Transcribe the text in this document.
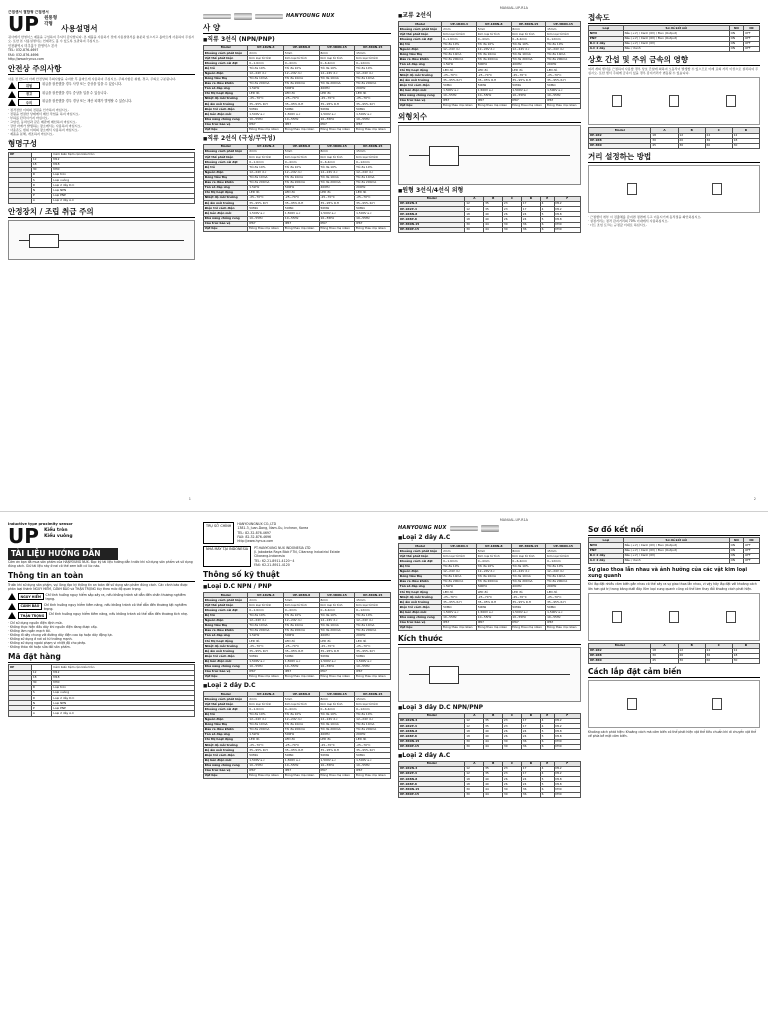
MANUAL-UP-R1A
근접센서 결합형 근접센서
UP 원통형
각형 사용설명서
귀사에서 한영넉스 제품을 구입하여 주셔서 감사합니다. 본 제품을 사용하기 전에 사용설명서를 충분히 읽으시고 올바르게 사용하여 주십시오. 또한 본 사용설명서는 언제라도 볼 수 있도록 보관하여 주십시오.
인천광역시 미추홀구 한영넉스 본사
TEL: 032-876-4697
FAX: 032-876-4696
http://www.hynux.com
안전상 주의사항
사용 전 반드시 아래 안전상의 주의사항을 숙지한 후 올바르게 사용하여 주십시오. 주의사항은 위험, 경고, 주의로 구분됩니다.
위험	취급을 잘못했을 경우 사망 또는 중상을 입을 수 있습니다.
경고	취급을 잘못했을 경우 중상을 입을 수 있습니다.
주의	취급을 잘못했을 경우 경상 또는 재산 피해가 발생할 수 있습니다.
· 정격전압 이외의 전원을 인가하지 마십시오.
· 전원을 연결한 상태에서 배선 작업을 하지 마십시오.
· 부하를 단락시키지 마십시오.
· 고압선, 동력선과 같은 배관에 배선하지 마십시오.
· 강한 자계가 발생하는 장소에서는 사용하지 마십시오.
· 사용온도 범위 이외의 장소에서 사용하지 마십시오.
· 제품을 분해, 개조하지 마십시오.
형명구성
UP		Cảm biến tiệm cận kiểu tròn
	12	M12
	18	M18
	30	M30
	R	Loại tròn
	S	Loại vuông
	D	Loại 2 dây D.C
	N	Loại NPN
	P	Loại PNP
	A	Loại 2 dây A.C
안정장치 / 조립 취급 주의
1
HANYOUNG NUX
사 양
■ 직류 3선식 (NPN/PNP)
Model	UP-1R2N-4	UP-1R8N-8	UP-3R0N-15	UP-3R0N-15
Khoảng cách phát hiện	2mm	5mm	8mm	15mm
Vật thể phát hiện	Kim loại từ tính	Kim loại từ tính	Kim loại từ tính	Kim loại từ tính
Khoảng cách cài đặt	0~1.6mm	0~4mm	0~6.4mm	0~12mm
Độ trễ	Tối đa 10%	Tối đa 10%	Tối đa 10%	Tối đa 10%
Nguồn điện	12~24V d.c	12~24V d.c	12~24V d.c	12~24V d.c
Dòng tiêu thụ	Tối đa 10mA	Tối đa 10mA	Tối đa 10mA	Tối đa 10mA
Đầu ra điều khiển	Tối đa 200mA	Tối đa 200mA	Tối đa 200mA	Tối đa 200mA
Tần số đáp ứng	1.5kHz	500Hz	400Hz	200Hz
Chỉ thị hoạt động	LED đỏ	LED đỏ	LED đỏ	LED đỏ
Nhiệt độ môi trường	-25~70°C	-25~70°C	-25~70°C	-25~70°C
Độ ẩm môi trường	35~95% R.H	35~95% R.H	35~95% R.H	35~95% R.H
Điện trở cách điện	50MΩ	50MΩ	50MΩ	50MΩ
Độ bền điện môi	1,500V a.c	1,500V a.c	1,500V a.c	1,500V a.c
Khả năng chống rung	10~55Hz	10~55Hz	10~55Hz	10~55Hz
Cấu trúc bảo vệ	IP67	IP67	IP67	IP67
Vật liệu	Đồng thau mạ niken	Đồng thau mạ niken	Đồng thau mạ niken	Đồng thau mạ niken
■ 직류 2선식 (극성/무극성)
Model	UP-1R2N-4	UP-1R8N-8	UP-3R0N-15	UP-3R0N-15
Khoảng cách phát hiện	2mm	5mm	8mm	15mm
Vật thể phát hiện	Kim loại từ tính	Kim loại từ tính	Kim loại từ tính	Kim loại từ tính
Khoảng cách cài đặt	0~1.6mm	0~4mm	0~6.4mm	0~12mm
Độ trễ	Tối đa 10%	Tối đa 10%	Tối đa 10%	Tối đa 10%
Nguồn điện	12~24V d.c	12~24V d.c	12~24V d.c	12~24V d.c
Dòng tiêu thụ	Tối đa 10mA	Tối đa 10mA	Tối đa 10mA	Tối đa 10mA
Đầu ra điều khiển	Tối đa 200mA	Tối đa 200mA	Tối đa 200mA	Tối đa 200mA
Tần số đáp ứng	1.5kHz	500Hz	400Hz	200Hz
Chỉ thị hoạt động	LED đỏ	LED đỏ	LED đỏ	LED đỏ
Nhiệt độ môi trường	-25~70°C	-25~70°C	-25~70°C	-25~70°C
Độ ẩm môi trường	35~95% R.H	35~95% R.H	35~95% R.H	35~95% R.H
Điện trở cách điện	50MΩ	50MΩ	50MΩ	50MΩ
Độ bền điện môi	1,500V a.c	1,500V a.c	1,500V a.c	1,500V a.c
Khả năng chống rung	10~55Hz	10~55Hz	10~55Hz	10~55Hz
Cấu trúc bảo vệ	IP67	IP67	IP67	IP67
Vật liệu	Đồng thau mạ niken	Đồng thau mạ niken	Đồng thau mạ niken	Đồng thau mạ niken
■ 교류 2선식
Model	UP-1R2N-4	UP-1R8N-8	UP-3R0N-15	UP-3R0N-15
Khoảng cách phát hiện	2mm	5mm	8mm	15mm
Vật thể phát hiện	Kim loại từ tính	Kim loại từ tính	Kim loại từ tính	Kim loại từ tính
Khoảng cách cài đặt	0~1.6mm	0~4mm	0~6.4mm	0~12mm
Độ trễ	Tối đa 10%	Tối đa 10%	Tối đa 10%	Tối đa 10%
Nguồn điện	12~24V d.c	12~24V d.c	12~24V d.c	12~24V d.c
Dòng tiêu thụ	Tối đa 10mA	Tối đa 10mA	Tối đa 10mA	Tối đa 10mA
Đầu ra điều khiển	Tối đa 200mA	Tối đa 200mA	Tối đa 200mA	Tối đa 200mA
Tần số đáp ứng	1.5kHz	500Hz	400Hz	200Hz
Chỉ thị hoạt động	LED đỏ	LED đỏ	LED đỏ	LED đỏ
Nhiệt độ môi trường	-25~70°C	-25~70°C	-25~70°C	-25~70°C
Độ ẩm môi trường	35~95% R.H	35~95% R.H	35~95% R.H	35~95% R.H
Điện trở cách điện	50MΩ	50MΩ	50MΩ	50MΩ
Độ bền điện môi	1,500V a.c	1,500V a.c	1,500V a.c	1,500V a.c
Khả năng chống rung	10~55Hz	10~55Hz	10~55Hz	10~55Hz
Cấu trúc bảo vệ	IP67	IP67	IP67	IP67
Vật liệu	Đồng thau mạ niken	Đồng thau mạ niken	Đồng thau mạ niken	Đồng thau mạ niken
외형치수
■ 원형 3선식/4선식 외형
Model	A	B	C	D	E	F
UP-1R2N-4	12	35	23	17	4	M12
UP-1R2P-4	12	35	23	17	4	M12
UP-1R8N-8	18	40	26	24	5	M18
UP-1R8P-8	18	40	26	24	5	M18
UP-3R0N-15	30	44	30	36	6	M30
UP-3R0P-15	30	44	30	36	6	M30
접속도
Loại	Sơ đồ kết nối	NO	NC
NPN	Nâu (+V) / Xanh (0V) / Đen (Output)	ON	OFF
PNP	Nâu (+V) / Xanh (0V) / Đen (Output)	ON	OFF
D.C 2 dây	Nâu (+V) / Xanh (0V)	ON	OFF
A.C 2 dây	Nâu / Xanh	ON	OFF
상호 간섭 및 주위 금속의 영향
여러 개의 센서를 근접하여 사용할 경우 상호 간섭에 의하여 오동작이 발생할 수 있으므로 아래 표의 거리 이상으로 설치하여 주십시오. 또한 센서 주위에 금속이 있을 경우 감지거리가 변동될 수 있습니다.
Model	A	B	C	D
UP-1R2	18	12	24	12
UP-1R8	30	20	36	18
UP-3R0	45	30	60	30
거리 설정하는 방법
· 근접센서 취부 시 검출체를 감지면 정면에 두고 이동시키며 동작점을 확인하십시오.
· 설정거리는 정격 감지거리의 70% 이내에서 사용하십시오.
· 너트 조임 토크는 규정값 이내로 하십시오.
2
MANUAL-UP-R1A
Inductive type proximity sensor
UP Kiểu tròn
Kiểu vuông
TÀI LIỆU HƯỚNG DẪN
Cảm ơn bạn đã mua sản phẩm của HANYOUNG NUX. Đọc kỹ tài liệu hướng dẫn trước khi sử dụng sản phẩm và sử dụng đúng cách. Giữ tài liệu này ở nơi có thể xem bất cứ lúc nào.
Thông tin an toàn
Trước khi sử dụng sản phẩm, vui lòng đọc kỹ thông tin an toàn để sử dụng sản phẩm đúng cách. Các cảnh báo được phân loại thành NGUY HIỂM, CẢNH BÁO và THẬN TRỌNG tùy theo mức độ quan trọng.
NGUY HIỂM	Chỉ tình huống nguy hiểm sắp xảy ra, nếu không tránh sẽ dẫn đến chấn thương nghiêm trọng.
CẢNH BÁO	Chỉ tình huống nguy hiểm tiềm năng, nếu không tránh có thể dẫn đến thương tật nghiêm trọng.
THẬN TRỌNG	Chỉ tình huống nguy hiểm tiềm năng, nếu không tránh có thể dẫn đến thương tích nhẹ.
· Chỉ sử dụng nguồn điện định mức.
· Không thực hiện đấu dây khi nguồn điện đang được cấp.
· Không làm ngắn mạch tải.
· Không đi dây chung với đường dây điện cao áp hoặc dây động lực.
· Không sử dụng ở nơi có từ trường mạnh.
· Không sử dụng ngoài phạm vi nhiệt độ cho phép.
· Không tháo rời hoặc sửa đổi sản phẩm.
Mã đặt hàng
UP		Cảm biến tiệm cận kiểu tròn
	12	M12
	18	M18
	30	M30
	R	Loại tròn
	S	Loại vuông
	D	Loại 2 dây D.C
	N	Loại NPN
	P	Loại PNP
	A	Loại 2 dây A.C
TRỤ SỞ CHÍNH	HANYOUNGNUX CO.,LTD
1381-3, Juan-Dong, Nam-Gu, Incheon, Korea
TEL: 82-32-876-4697
FAX: 82-32-876-4696
http://www.hynux.com
NHÀ MÁY TẠI INDONESIA	PT.HANYOUNG NUX INDONESIA LTD
Jl. Jababeka Raya Blok F7N, Cikarang Industrial Estate
Cikarang-Indonesia
TEL: 62-21-8911-4120~4
FAX: 62-21-8911-4120
Thông số kỹ thuật
■ Loại D.C NPN / PNP
Model	UP-1R2N-4	UP-1R8N-8	UP-3R0N-15	UP-3R0N-15
Khoảng cách phát hiện	2mm	5mm	8mm	15mm
Vật thể phát hiện	Kim loại từ tính	Kim loại từ tính	Kim loại từ tính	Kim loại từ tính
Khoảng cách cài đặt	0~1.6mm	0~4mm	0~6.4mm	0~12mm
Độ trễ	Tối đa 10%	Tối đa 10%	Tối đa 10%	Tối đa 10%
Nguồn điện	12~24V d.c	12~24V d.c	12~24V d.c	12~24V d.c
Dòng tiêu thụ	Tối đa 10mA	Tối đa 10mA	Tối đa 10mA	Tối đa 10mA
Đầu ra điều khiển	Tối đa 200mA	Tối đa 200mA	Tối đa 200mA	Tối đa 200mA
Tần số đáp ứng	1.5kHz	500Hz	400Hz	200Hz
Chỉ thị hoạt động	LED đỏ	LED đỏ	LED đỏ	LED đỏ
Nhiệt độ môi trường	-25~70°C	-25~70°C	-25~70°C	-25~70°C
Độ ẩm môi trường	35~95% R.H	35~95% R.H	35~95% R.H	35~95% R.H
Điện trở cách điện	50MΩ	50MΩ	50MΩ	50MΩ
Độ bền điện môi	1,500V a.c	1,500V a.c	1,500V a.c	1,500V a.c
Khả năng chống rung	10~55Hz	10~55Hz	10~55Hz	10~55Hz
Cấu trúc bảo vệ	IP67	IP67	IP67	IP67
Vật liệu	Đồng thau mạ niken	Đồng thau mạ niken	Đồng thau mạ niken	Đồng thau mạ niken
■ Loại 2 dây D.C
Model	UP-1R2N-4	UP-1R8N-8	UP-3R0N-15	UP-3R0N-15
Khoảng cách phát hiện	2mm	5mm	8mm	15mm
Vật thể phát hiện	Kim loại từ tính	Kim loại từ tính	Kim loại từ tính	Kim loại từ tính
Khoảng cách cài đặt	0~1.6mm	0~4mm	0~6.4mm	0~12mm
Độ trễ	Tối đa 10%	Tối đa 10%	Tối đa 10%	Tối đa 10%
Nguồn điện	12~24V d.c	12~24V d.c	12~24V d.c	12~24V d.c
Dòng tiêu thụ	Tối đa 10mA	Tối đa 10mA	Tối đa 10mA	Tối đa 10mA
Đầu ra điều khiển	Tối đa 200mA	Tối đa 200mA	Tối đa 200mA	Tối đa 200mA
Tần số đáp ứng	1.5kHz	500Hz	400Hz	200Hz
Chỉ thị hoạt động	LED đỏ	LED đỏ	LED đỏ	LED đỏ
Nhiệt độ môi trường	-25~70°C	-25~70°C	-25~70°C	-25~70°C
Độ ẩm môi trường	35~95% R.H	35~95% R.H	35~95% R.H	35~95% R.H
Điện trở cách điện	50MΩ	50MΩ	50MΩ	50MΩ
Độ bền điện môi	1,500V a.c	1,500V a.c	1,500V a.c	1,500V a.c
Khả năng chống rung	10~55Hz	10~55Hz	10~55Hz	10~55Hz
Cấu trúc bảo vệ	IP67	IP67	IP67	IP67
Vật liệu	Đồng thau mạ niken	Đồng thau mạ niken	Đồng thau mạ niken	Đồng thau mạ niken
HANYOUNG NUX
■ Loại 2 dây A.C
Model	UP-1R2N-4	UP-1R8N-8	UP-3R0N-15	UP-3R0N-15
Khoảng cách phát hiện	2mm	5mm	8mm	15mm
Vật thể phát hiện	Kim loại từ tính	Kim loại từ tính	Kim loại từ tính	Kim loại từ tính
Khoảng cách cài đặt	0~1.6mm	0~4mm	0~6.4mm	0~12mm
Độ trễ	Tối đa 10%	Tối đa 10%	Tối đa 10%	Tối đa 10%
Nguồn điện	12~24V d.c	12~24V d.c	12~24V d.c	12~24V d.c
Dòng tiêu thụ	Tối đa 10mA	Tối đa 10mA	Tối đa 10mA	Tối đa 10mA
Đầu ra điều khiển	Tối đa 200mA	Tối đa 200mA	Tối đa 200mA	Tối đa 200mA
Tần số đáp ứng	1.5kHz	500Hz	400Hz	200Hz
Chỉ thị hoạt động	LED đỏ	LED đỏ	LED đỏ	LED đỏ
Nhiệt độ môi trường	-25~70°C	-25~70°C	-25~70°C	-25~70°C
Độ ẩm môi trường	35~95% R.H	35~95% R.H	35~95% R.H	35~95% R.H
Điện trở cách điện	50MΩ	50MΩ	50MΩ	50MΩ
Độ bền điện môi	1,500V a.c	1,500V a.c	1,500V a.c	1,500V a.c
Khả năng chống rung	10~55Hz	10~55Hz	10~55Hz	10~55Hz
Cấu trúc bảo vệ	IP67	IP67	IP67	IP67
Vật liệu	Đồng thau mạ niken	Đồng thau mạ niken	Đồng thau mạ niken	Đồng thau mạ niken
Kích thước
■ Loại 3 dây D.C NPN/PNP
Model	A	B	C	D	E	F
UP-1R2N-4	12	35	23	17	4	M12
UP-1R2P-4	12	35	23	17	4	M12
UP-1R8N-8	18	40	26	24	5	M18
UP-1R8P-8	18	40	26	24	5	M18
UP-3R0N-15	30	44	30	36	6	M30
UP-3R0P-15	30	44	30	36	6	M30
■ Loại 2 dây A.C
Model	A	B	C	D	E	F
UP-1R2N-4	12	35	23	17	4	M12
UP-1R2P-4	12	35	23	17	4	M12
UP-1R8N-8	18	40	26	24	5	M18
UP-1R8P-8	18	40	26	24	5	M18
UP-3R0N-15	30	44	30	36	6	M30
UP-3R0P-15	30	44	30	36	6	M30
Sơ đồ kết nối
Loại	Sơ đồ kết nối	NO	NC
NPN	Nâu (+V) / Xanh (0V) / Đen (Output)	ON	OFF
PNP	Nâu (+V) / Xanh (0V) / Đen (Output)	ON	OFF
D.C 2 dây	Nâu (+V) / Xanh (0V)	ON	OFF
A.C 2 dây	Nâu / Xanh	ON	OFF
Sự giao thoa lẫn nhau và ảnh hưởng của các vật kim loại xung quanh
Khi lắp đặt nhiều cảm biến gần nhau có thể xảy ra sự giao thoa lẫn nhau, vì vậy hãy lắp đặt với khoảng cách lớn hơn giá trị trong bảng dưới đây. Kim loại xung quanh cũng có thể làm thay đổi khoảng cách phát hiện.
Model	A	B	C	D
UP-1R2	18	12	24	12
UP-1R8	30	20	36	18
UP-3R0	45	30	60	30
Cách lắp đặt cảm biến
Khoảng cách phát hiện: Khoảng cách mà cảm biến có thể phát hiện vật thể tiêu chuẩn khi di chuyển vật thể về phía bề mặt cảm biến.
